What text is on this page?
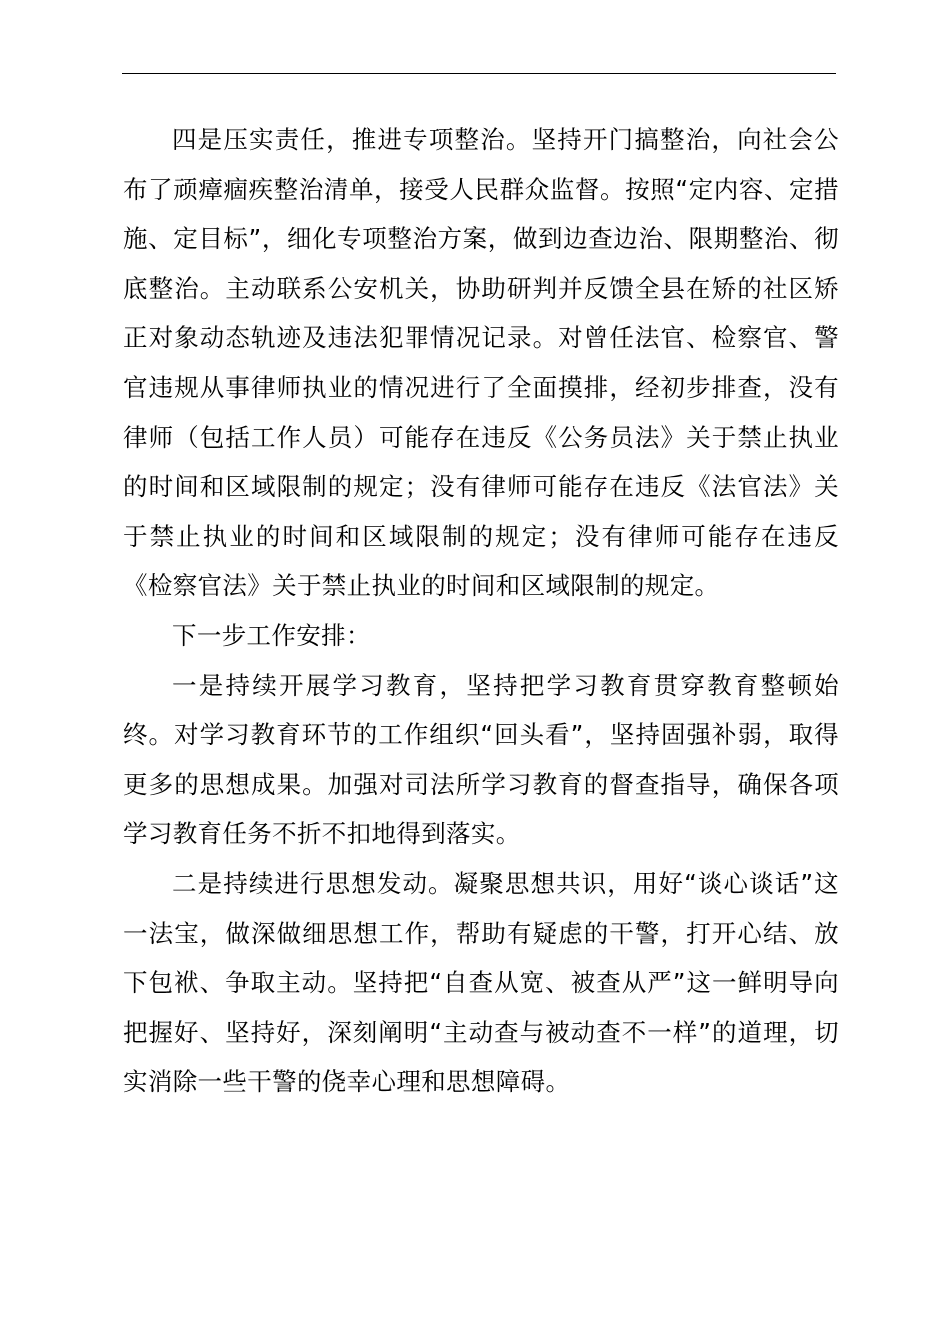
四是压实责任，推进专项整治。坚持开门搞整治，向社会公布了顽瘴痼疾整治清单，接受人民群众监督。按照“定内容、定措施、定目标”，细化专项整治方案，做到边查边治、限期整治、彻底整治。主动联系公安机关，协助研判并反馈全县在矫的社区矫正对象动态轨迹及违法犯罪情况记录。对曾任法官、检察官、警官违规从事律师执业的情况进行了全面摸排，经初步排查，没有律师（包括工作人员）可能存在违反《公务员法》关于禁止执业的时间和区域限制的规定；没有律师可能存在违反《法官法》关于禁止执业的时间和区域限制的规定；没有律师可能存在违反《检察官法》关于禁止执业的时间和区域限制的规定。

下一步工作安排：

一是持续开展学习教育，坚持把学习教育贯穿教育整顿始终。对学习教育环节的工作组织“回头看”，坚持固强补弱，取得更多的思想成果。加强对司法所学习教育的督查指导，确保各项学习教育任务不折不扣地得到落实。

二是持续进行思想发动。凝聚思想共识，用好“谈心谈话”这一法宝，做深做细思想工作，帮助有疑虑的干警，打开心结、放下包袱、争取主动。坚持把“自查从宽、被查从严”这一鲜明导向把握好、坚持好，深刻阐明“主动查与被动查不一样”的道理，切实消除一些干警的侥幸心理和思想障碍。
